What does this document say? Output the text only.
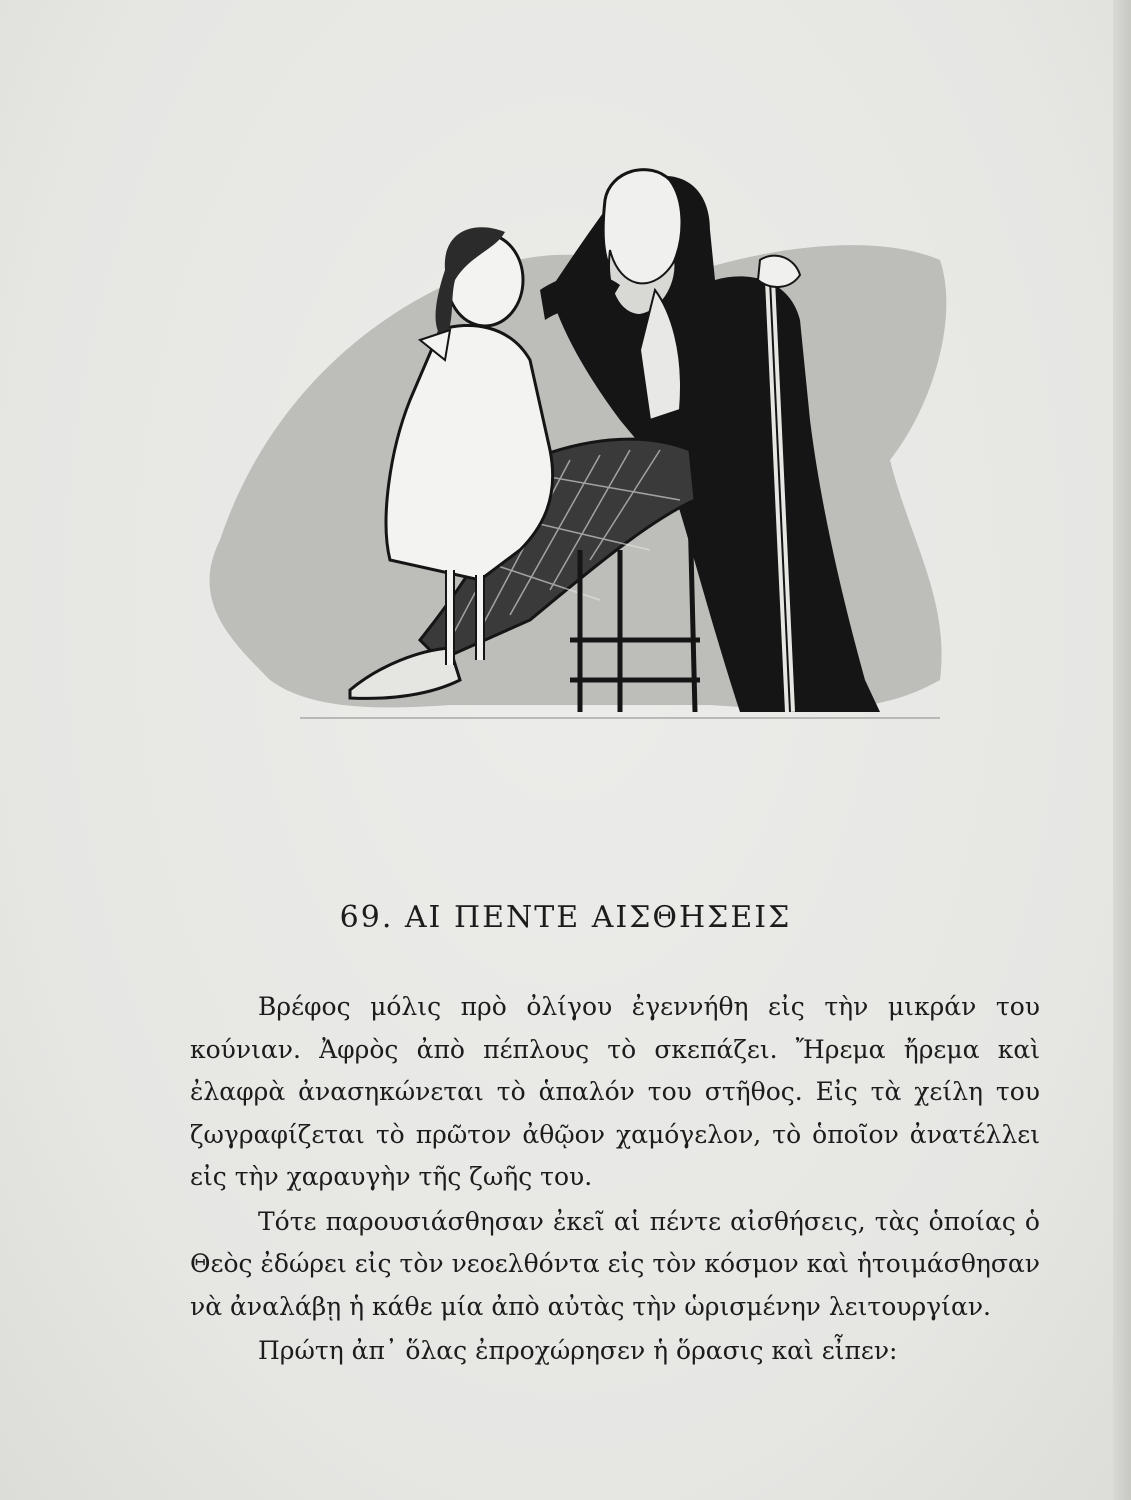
69. ΑΙ ΠΕΝΤΕ ΑΙΣΘΗΣΕΙΣ

Βρέφος μόλις πρὸ ὀλίγου ἐγεννήθη εἰς τὴν μικράν του κούνιαν. Ἀφρὸς ἀπὸ πέπλους τὸ σκεπάζει. Ἤρεμα ἤρεμα καὶ ἐλαφρὰ ἀνασηκώνεται τὸ ἁπαλόν του στῆθος. Εἰς τὰ χείλη του ζωγραφίζεται τὸ πρῶτον ἀθῷον χαμόγελον, τὸ ὁποῖον ἀνατέλλει εἰς τὴν χαραυγὴν τῆς ζωῆς του.

Τότε παρουσιάσθησαν ἐκεῖ αἱ πέντε αἰσθήσεις, τὰς ὁποίας ὁ Θεὸς ἐδώρει εἰς τὸν νεοελθόντα εἰς τὸν κόσμον καὶ ἡτοιμάσθησαν νὰ ἀναλάβῃ ἡ κάθε μία ἀπὸ αὐτὰς τὴν ὡρισμένην λειτουργίαν.

Πρώτη ἀπ᾽ ὅλας ἐπροχώρησεν ἡ ὅρασις καὶ εἶπεν:
